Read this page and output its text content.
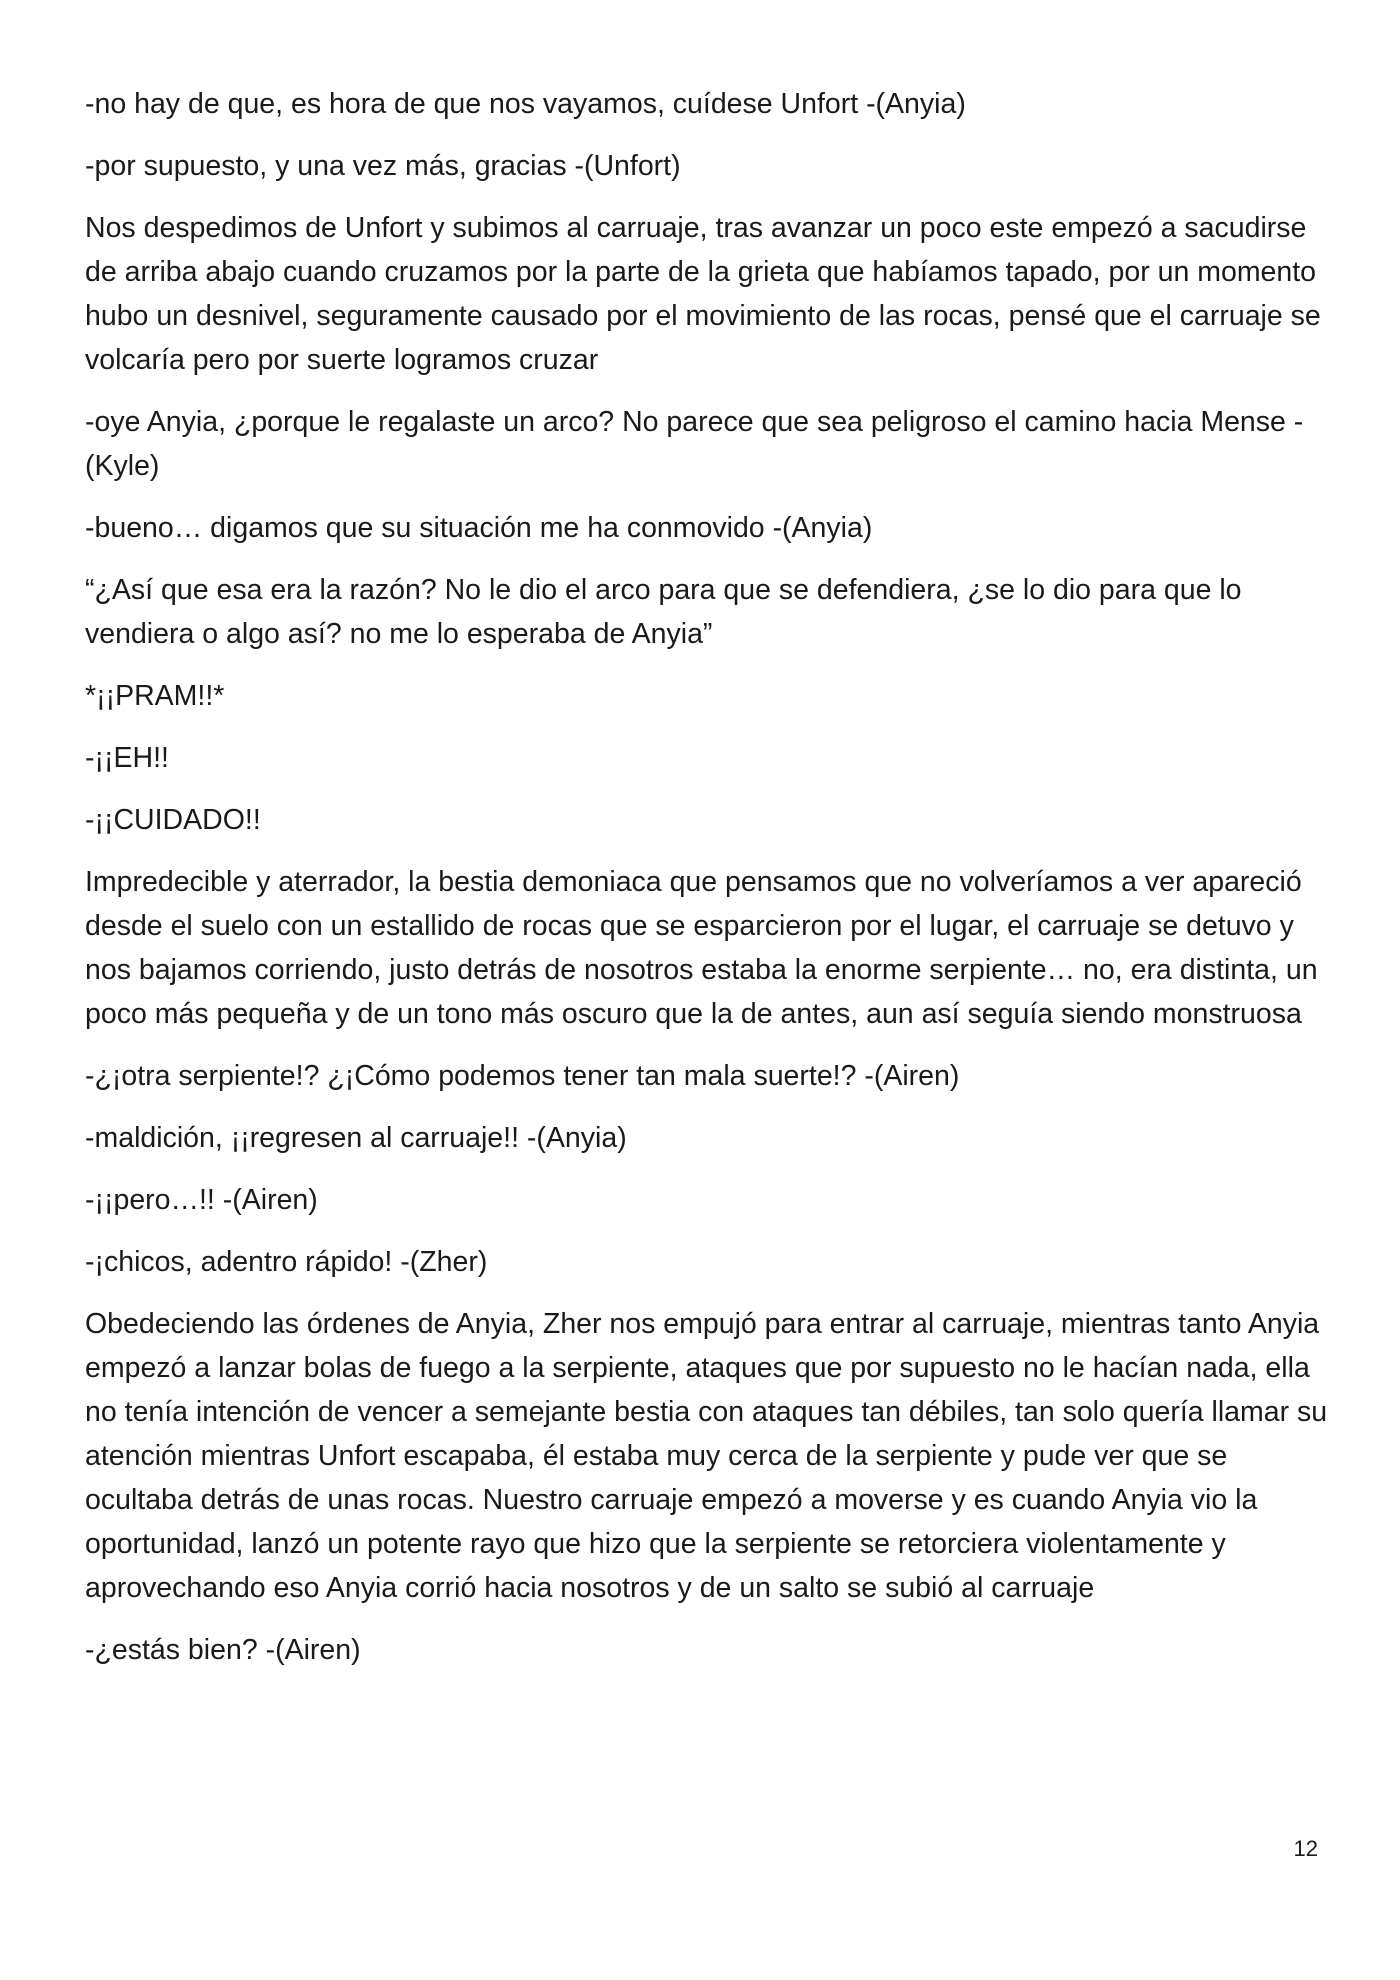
-no hay de que, es hora de que nos vayamos, cuídese Unfort -(Anyia)

-por supuesto, y una vez más, gracias -(Unfort)

Nos despedimos de Unfort y subimos al carruaje, tras avanzar un poco este empezó a sacudirse de arriba abajo cuando cruzamos por la parte de la grieta que habíamos tapado, por un momento hubo un desnivel, seguramente causado por el movimiento de las rocas, pensé que el carruaje se volcaría pero por suerte logramos cruzar

-oye Anyia, ¿porque le regalaste un arco? No parece que sea peligroso el camino hacia Mense -(Kyle)

-bueno… digamos que su situación me ha conmovido -(Anyia)

“¿Así que esa era la razón? No le dio el arco para que se defendiera, ¿se lo dio para que lo vendiera o algo así? no me lo esperaba de Anyia”

*¡¡PRAM!!*

-¡¡EH!!

-¡¡CUIDADO!!

Impredecible y aterrador, la bestia demoniaca que pensamos que no volveríamos a ver apareció desde el suelo con un estallido de rocas que se esparcieron por el lugar, el carruaje se detuvo y nos bajamos corriendo, justo detrás de nosotros estaba la enorme serpiente… no, era distinta, un poco más pequeña y de un tono más oscuro que la de antes, aun así seguía siendo monstruosa

-¿¡otra serpiente!? ¿¡Cómo podemos tener tan mala suerte!? -(Airen)

-maldición, ¡¡regresen al carruaje!! -(Anyia)

-¡¡pero…!! -(Airen)

-¡chicos, adentro rápido! -(Zher)

Obedeciendo las órdenes de Anyia, Zher nos empujó para entrar al carruaje, mientras tanto Anyia empezó a lanzar bolas de fuego a la serpiente, ataques que por supuesto no le hacían nada, ella no tenía intención de vencer a semejante bestia con ataques tan débiles, tan solo quería llamar su atención mientras Unfort escapaba, él estaba muy cerca de la serpiente y pude ver que se ocultaba detrás de unas rocas. Nuestro carruaje empezó a moverse y es cuando Anyia vio la oportunidad, lanzó un potente rayo que hizo que la serpiente se retorciera violentamente y aprovechando eso Anyia corrió hacia nosotros y de un salto se subió al carruaje

-¿estás bien? -(Airen)

12
